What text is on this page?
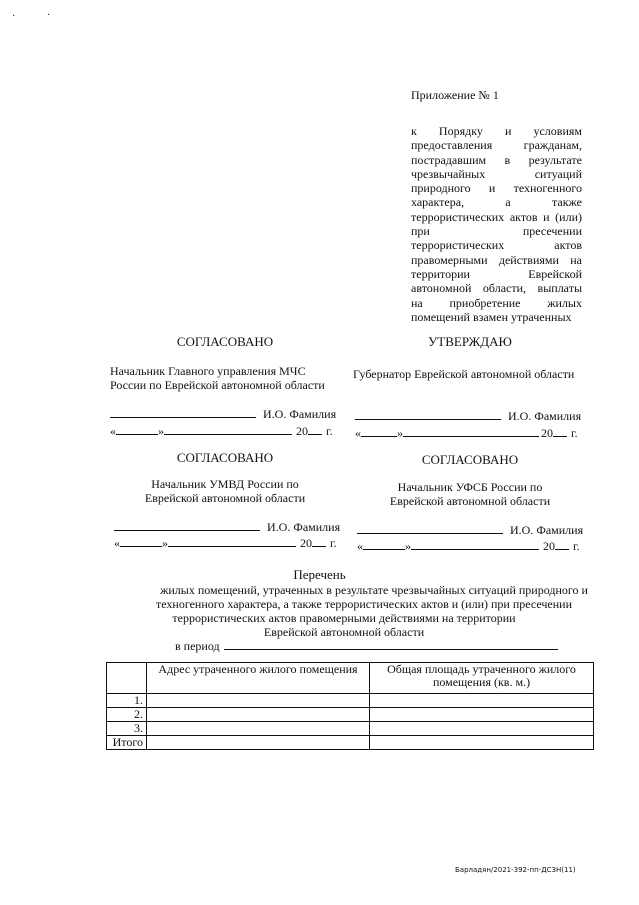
·	·
Приложение № 1
к Порядку и условиям
предоставления гражданам,
пострадавшим в результате
чрезвычайных ситуаций
природного и техногенного
характера, а также
террористических актов и (или)
при пресечении
террористических актов
правомерными действиями на
территории Еврейской
автономной области, выплаты
на приобретение жилых
помещений взамен утраченных
СОГЛАСОВАНО
Начальник Главного управления МЧС
России по Еврейской автономной области
И.О. Фамилия
«	»	20 г.
УТВЕРЖДАЮ
Губернатор Еврейской автономной области
И.О. Фамилия
«	»	20 г.
СОГЛАСОВАНО
Начальник УМВД России по
Еврейской автономной области
И.О. Фамилия
«	»	20 г.
СОГЛАСОВАНО
Начальник УФСБ России по
Еврейской автономной области
И.О. Фамилия
«	»	20 г.
Перечень
жилых помещений, утраченных в результате чрезвычайных ситуаций природного и
техногенного характера, а также террористических актов и (или) при пресечении
террористических актов правомерными действиями на территории
Еврейской автономной области
в период
	Адрес утраченного жилого помещения	Общая площадь утраченного жилого помещения (кв. м.)
1.		
2.		
3.		
Итого		
Барладян/2021-392-пп-ДСЗН(11)
